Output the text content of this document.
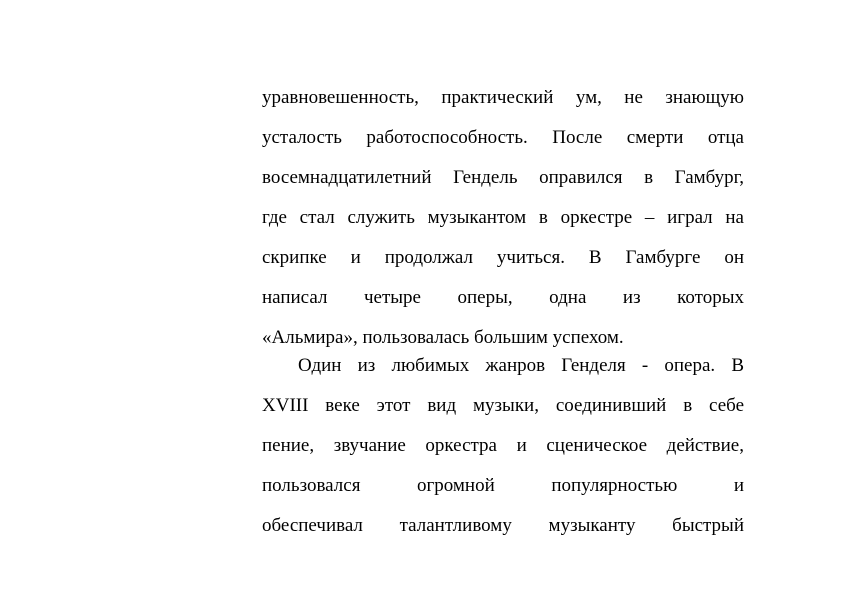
уравновешенность, практический ум, не знающую
усталость работоспособность. После смерти отца
восемнадцатилетний Гендель оправился в Гамбург,
где стал служить музыкантом в оркестре – играл на
скрипке и продолжал учиться. В Гамбурге он
написал четыре оперы, одна из которых
«Альмира», пользовалась большим успехом.
Один из любимых жанров Генделя - опера. В
XVIII веке этот вид музыки, соединивший в себе
пение, звучание оркестра и сценическое действие,
пользовался огромной популярностью и
обеспечивал талантливому музыканту быстрый
